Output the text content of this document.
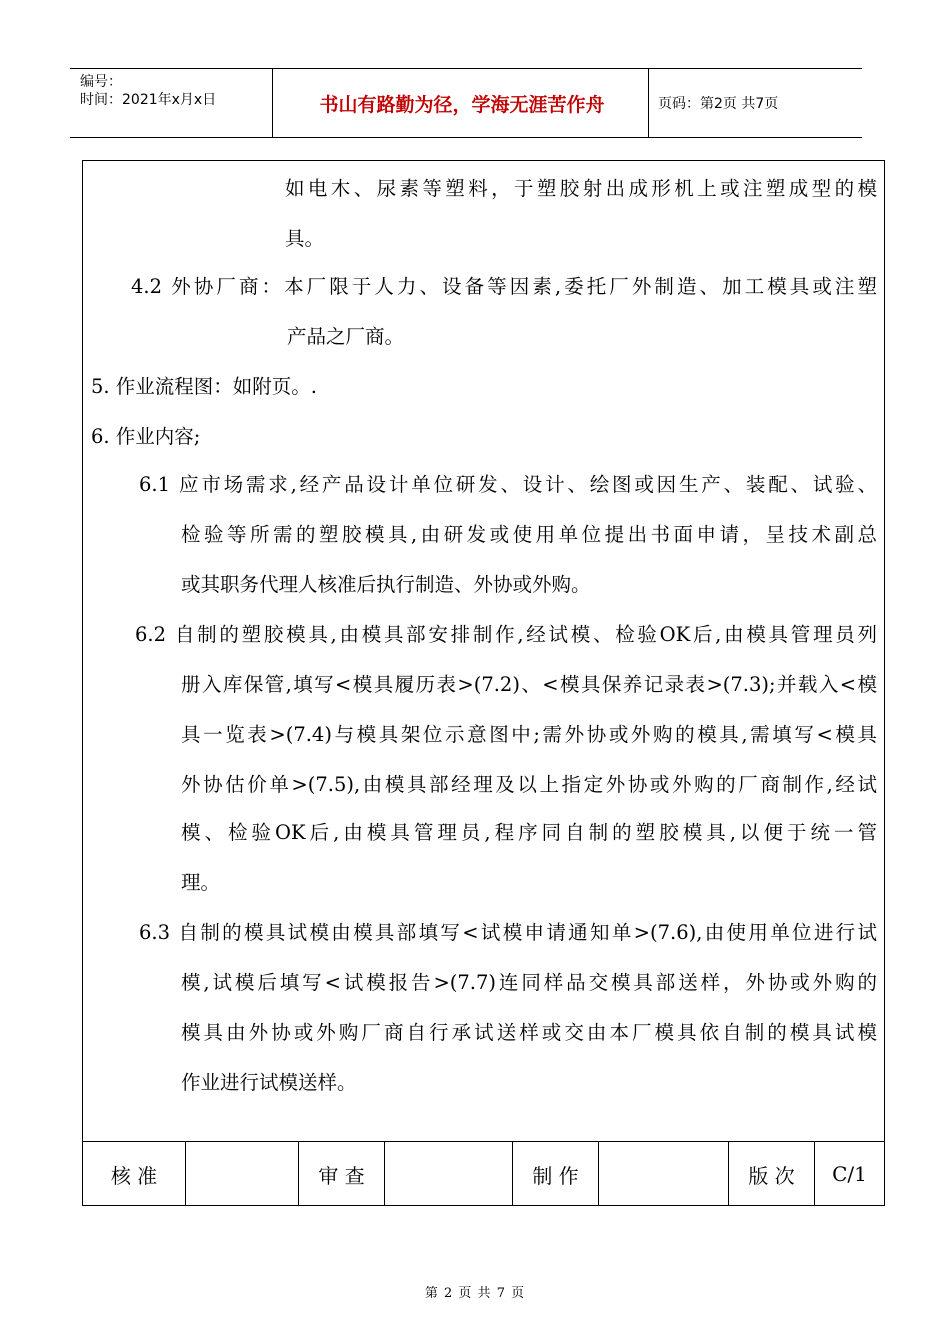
编号：
时间：2021年x月x日	书山有路勤为径，学海无涯苦作舟	页码：第2页 共7页
如电木、尿素等塑料，于塑胶射出成形机上或注塑成型的模
具。
4.2 外协厂商：本厂限于人力、设备等因素,委托厂外制造、加工模具或注塑
产品之厂商。
5. 作业流程图：如附页。.
6. 作业内容;
6.1 应市场需求,经产品设计单位研发、设计、绘图或因生产、装配、试验、
检验等所需的塑胶模具,由研发或使用单位提出书面申请，呈技术副总
或其职务代理人核准后执行制造、外协或外购。
6.2 自制的塑胶模具,由模具部安排制作,经试模、检验OK后,由模具管理员列
册入库保管,填写<模具履历表>(7.2)、<模具保养记录表>(7.3);并载入<模
具一览表>(7.4)与模具架位示意图中;需外协或外购的模具,需填写<模具
外协估价单>(7.5),由模具部经理及以上指定外协或外购的厂商制作,经试
模、检验OK后,由模具管理员,程序同自制的塑胶模具,以便于统一管
理。
6.3 自制的模具试模由模具部填写<试模申请通知单>(7.6),由使用单位进行试
模,试模后填写<试模报告>(7.7)连同样品交模具部送样，外协或外购的
模具由外协或外购厂商自行承试送样或交由本厂模具依自制的模具试模
作业进行试模送样。
核 准	审 查	制 作	版 次	C/1
第 2 页 共 7 页
